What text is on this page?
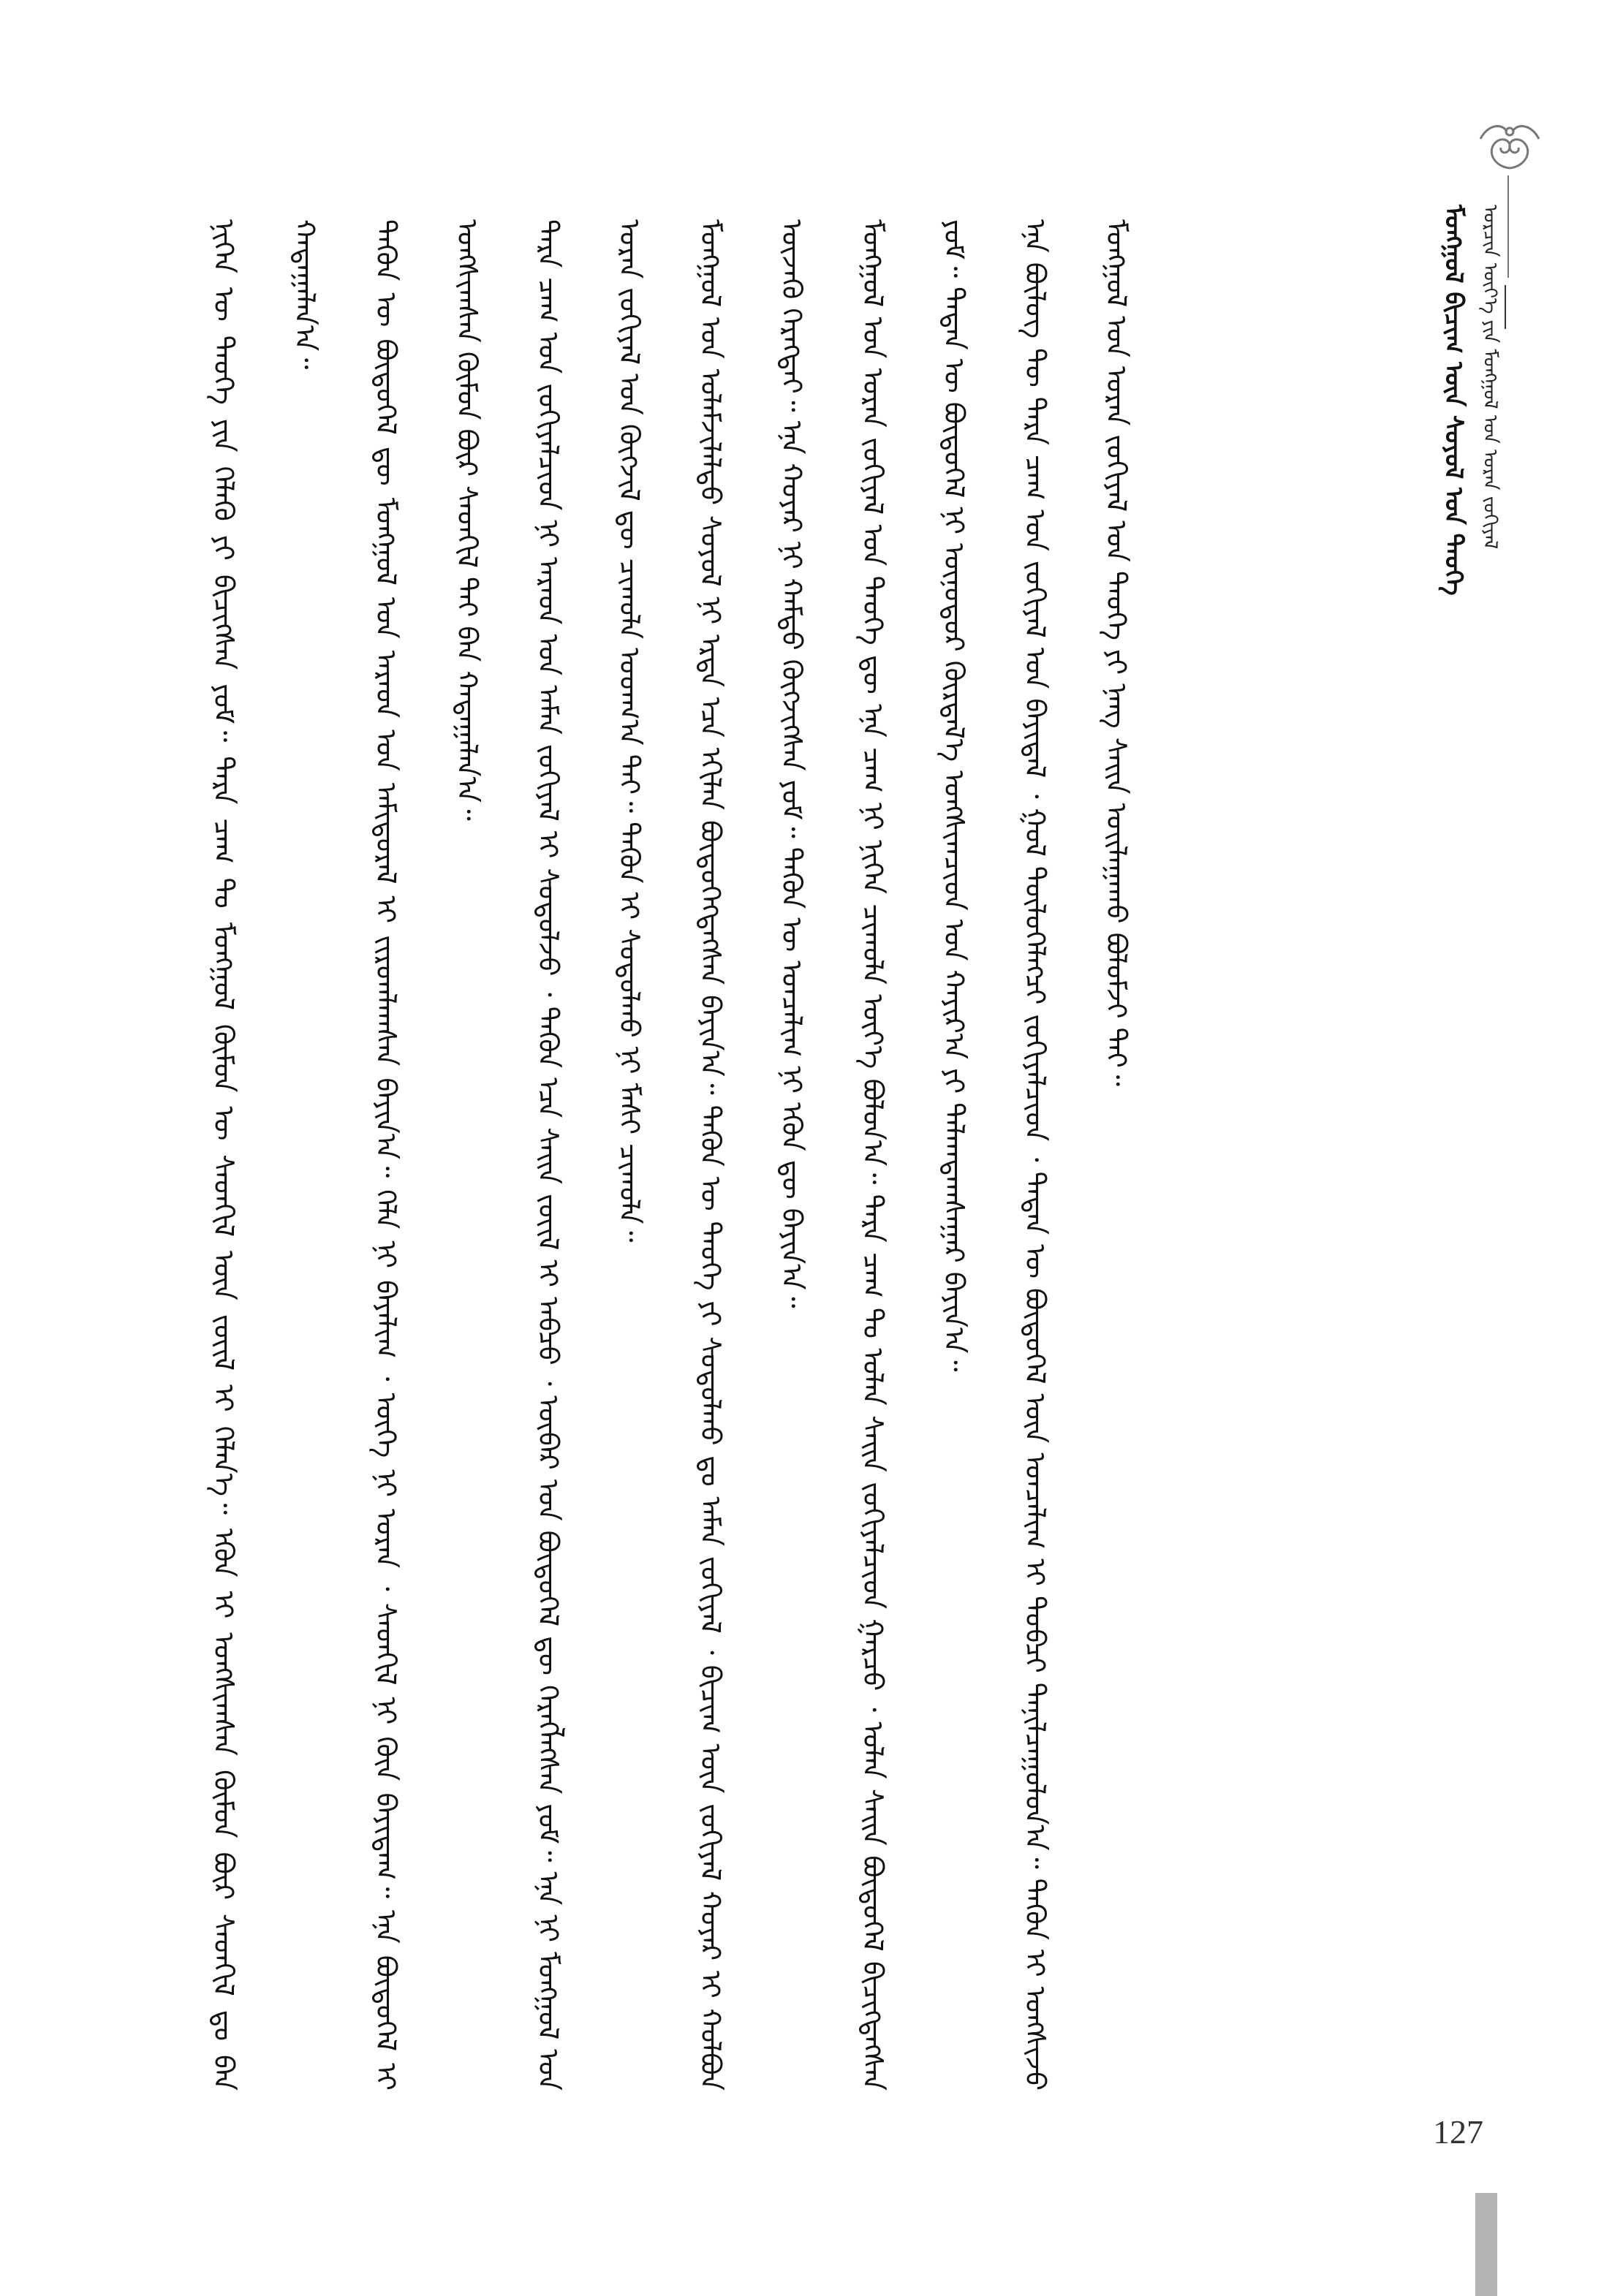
ᠮᠣᠩᠭᠣᠯ ᠪᠢᠴᠢᠭ᠋ ᠦᠨ ᠰᠣᠶᠣᠯ ᠤᠨ ᠲᠡᠦᠬᠡ ᠣᠷᠴᠢᠨ ᠦᠶ᠎ᠡ ᠶᠢᠨ ᠮᠣᠩᠭᠣᠯ ᠤᠨ ᠤᠷᠠᠨ ᠵᠣᠬᠢᠶᠠᠯ

ᠨᠢᠭᠡᠨ ᠦ ᠲᠡᠦᠬᠡ ᠶᠢᠨ ᠬᠡᠯᠡᠬᠦ ᠶᠢ ᠪᠢᠴᠢᠭᠰᠡᠨ ᠶᠤᠮ᠃ ᠲᠡᠷᠡ ᠴᠠᠭ ᠲᠤ ᠮᠣᠩᠭᠣᠯ ᠬᠦᠮᠦᠨ ᠦ ᠰᠡᠳᠬᠢᠯ ᠦᠨ ᠵᠦᠢᠯ ᠢ ᠬᠡᠯᠡᠨ᠎ᠡ᠃ ᠡᠭᠦᠨ ᠢ ᠤᠩᠰᠢᠭᠰᠠᠨ ᠬᠦᠮᠦᠨ ᠪᠦᠷ ᠰᠡᠳᠬᠢᠯ ᠳᠤ ᠪᠠᠨ ᠬᠠᠳᠠᠭᠠᠯᠠᠨ᠎ᠠ᠃	ᠲᠡᠭᠦᠨ ᠦ ᠪᠦᠲᠦᠭᠡᠯ ᠳᠦ ᠮᠣᠩᠭᠣᠯ ᠤᠨ ᠠᠷᠠᠳ ᠤᠨ ᠠᠮᠢᠳᠤᠷᠠᠯ ᠢ ᠵᠢᠷᠤᠭᠯᠠᠭᠰᠠᠨ ᠪᠠᠶᠢᠨ᠎ᠠ᠃ ᠬᠡᠯᠡ ᠨᠢ ᠪᠠᠶᠠᠯᠢᠭ ᠂ ᠦᠭᠡ ᠨᠢ ᠤᠷᠠᠨ ᠂ ᠰᠡᠳᠬᠢᠯ ᠨᠢ ᠭᠦᠨ ᠪᠠᠶᠢᠳᠠᠭ᠃ ᠡᠨᠡ ᠪᠦᠲᠦᠭᠡᠯ ᠢ ᠤᠩᠰᠢᠭᠰᠠᠨ ᠬᠦᠮᠦᠨ ᠪᠦᠷ ᠰᠡᠳᠬᠢᠯ ᠲᠠᠢ ᠪᠠᠨ ᠬᠠᠳᠠᠭᠠᠯᠠᠨ᠎ᠠ᠃	ᠲᠡᠷᠡ ᠴᠠᠭ ᠤᠨ ᠵᠣᠬᠢᠶᠠᠯᠴᠢᠳ ᠨᠢ ᠠᠷᠠᠳ ᠤᠨ ᠠᠮᠠᠨ ᠵᠣᠬᠢᠶᠠᠯ ᠢ ᠰᠤᠳᠤᠯᠵᠤ ᠂ ᠲᠡᠭᠦᠨ ᠡᠴᠡ ᠰᠠᠢᠨ ᠵᠦᠢᠯ ᠢ ᠠᠪᠴᠤ ᠂ ᠥᠪᠡᠷ ᠤᠨ ᠪᠦᠲᠦᠭᠡᠯ ᠳᠦ ᠬᠡᠷᠡᠭᠯᠡᠭᠰᠡᠨ ᠶᠤᠮ᠃ ᠡᠨᠡ ᠨᠢ ᠮᠣᠩᠭᠣᠯ ᠤᠨ ᠤᠷᠠᠨ ᠵᠣᠬᠢᠶᠠᠯ ᠤᠨ ᠬᠥᠭᠵᠢᠯ ᠳᠦ ᠴᠢᠬᠤᠯᠠ ᠤᠳᠬ᠎ᠠ ᠲᠠᠢ᠃ ᠲᠡᠭᠦᠨ ᠢ ᠰᠤᠳᠤᠯᠬᠤ ᠨᠢ ᠮᠠᠰᠢ ᠴᠢᠬᠤᠯᠠ᠃	ᠮᠣᠩᠭᠣᠯ ᠤᠨ ᠤᠯᠠᠮᠵᠢᠯᠠᠯᠲᠤ ᠰᠣᠶᠣᠯ ᠨᠢ ᠡᠷᠲᠡ ᠡᠴᠡ ᠡᠬᠢᠯᠡᠨ ᠪᠦᠲᠦᠭᠡᠭᠳᠡᠭᠰᠡᠨ ᠪᠠᠶᠢᠨ᠎ᠠ᠃ ᠲᠡᠭᠦᠨ ᠦ ᠲᠡᠦᠬᠡ ᠶᠢ ᠰᠤᠳᠤᠯᠬᠤ ᠳᠤ ᠠᠮᠠᠨ ᠵᠣᠬᠢᠶᠠᠯ ᠂ ᠪᠢᠴᠢᠭ᠋ ᠦᠨ ᠵᠣᠬᠢᠶᠠᠯ ᠬᠣᠶᠠᠷ ᠢ ᠬᠣᠯᠪᠣᠨ ᠦᠵᠡᠬᠦ ᠬᠡᠷᠡᠭᠲᠡᠢ᠃ ᠡᠨᠡ ᠬᠣᠶᠠᠷ ᠨᠢ ᠬᠠᠮᠲᠤ ᠬᠥᠭᠵᠢᠭᠰᠡᠨ ᠶᠤᠮ᠃ ᠲᠡᠭᠦᠨ ᠦ ᠣᠨᠴᠠᠯᠢᠭ ᠨᠢ ᠡᠭᠦᠨ ᠳᠦ ᠪᠠᠶᠢᠨ᠎ᠠ᠃	ᠮᠣᠩᠭᠣᠯ ᠤᠨ ᠤᠷᠠᠨ ᠵᠣᠬᠢᠶᠠᠯ ᠤᠨ ᠲᠡᠦᠬᠡ ᠳᠦ ᠡᠨᠡ ᠴᠠᠭ ᠨᠢ ᠨᠢᠭᠡᠨ ᠴᠢᠬᠤᠯᠠ ᠦᠶ᠎ᠡ ᠪᠣᠯᠣᠨ᠎ᠠ᠃ ᠲᠡᠷᠡ ᠴᠠᠭ ᠲᠤ ᠣᠯᠠᠨ ᠰᠠᠢᠨ ᠵᠣᠬᠢᠶᠠᠯᠴᠢᠳ ᠭᠠᠷᠴᠤ ᠂ ᠣᠯᠠᠨ ᠰᠠᠢᠨ ᠪᠦᠲᠦᠭᠡᠯ ᠪᠢᠴᠢᠭᠳᠡᠭᠰᠡᠨ ᠶᠤᠮ᠃ ᠲᠡᠳᠡᠨ ᠦ ᠪᠦᠲᠦᠭᠡᠯ ᠨᠢ ᠥᠨᠥᠳᠦᠷ ᠬᠦᠷᠲᠡᠯ᠎ᠡ ᠤᠩᠰᠢᠭᠴᠢᠳ ᠤᠨ ᠬᠠᠶᠢᠷ᠎ᠠ ᠶᠢ ᠲᠠᠯᠠᠭᠳᠠᠭᠰᠠᠭᠠᠷ ᠪᠠᠶᠢᠨ᠎ᠠ᠃	ᠡᠨᠡ ᠪᠦᠯᠦᠭ ᠲᠦ ᠲᠡᠷᠡ ᠴᠠᠭ ᠤᠨ ᠵᠣᠬᠢᠶᠠᠯ ᠤᠨ ᠪᠠᠶᠢᠳᠠᠯ ᠂ ᠭᠣᠯ ᠲᠥᠯᠦᠭᠡᠯᠡᠭᠴᠢ ᠵᠣᠬᠢᠶᠠᠯᠴᠢᠳ ᠂ ᠲᠡᠳᠡᠨ ᠦ ᠪᠦᠲᠦᠭᠡᠯ ᠦᠨ ᠣᠨᠴᠠᠯᠢᠭ ᠢ ᠲᠣᠪᠴᠢ ᠲᠠᠨᠢᠯᠴᠠᠭᠤᠯᠤᠨ᠎ᠠ᠃ ᠲᠡᠭᠦᠨ ᠢ ᠤᠩᠰᠢᠵᠤ ᠮᠣᠩᠭᠣᠯ ᠤᠨ ᠤᠷᠠᠨ ᠵᠣᠬᠢᠶᠠᠯ ᠤᠨ ᠲᠡᠦᠬᠡ ᠶᠢ ᠨᠡᠩ ᠰᠠᠢᠨ ᠣᠢᠯᠠᠭᠠᠬᠤ ᠪᠣᠯᠤᠮᠵᠢ ᠲᠠᠢ᠃

127
